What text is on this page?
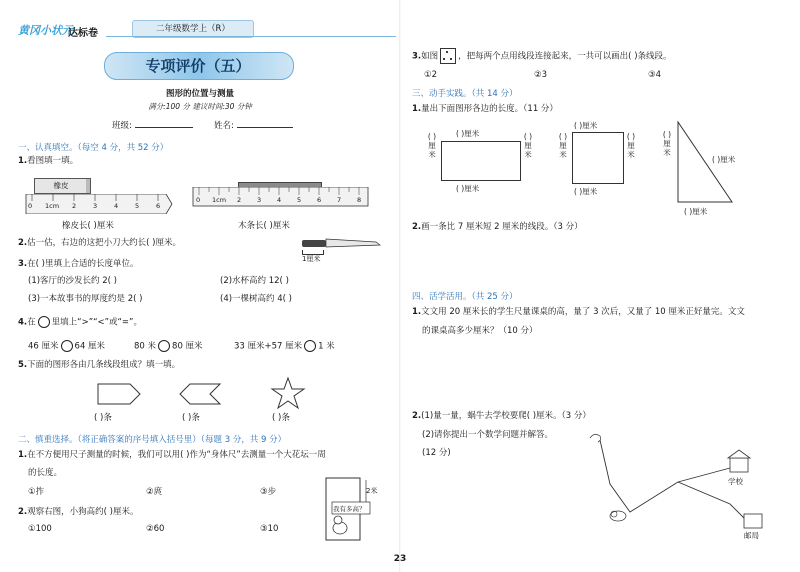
黄冈小状元
达标卷	二年级数学上（R）
专项评价（五）
图形的位置与测量
满分:100 分 建议时间:30 分钟
班级:	姓名:
一、认真填空。（每空 4 分，共 52 分）
1.看图填一填。
橡皮
0 1cm 2	3	4	5	6
0 1cm 2 3 4 5 6 7 8
橡皮长( )厘米	木条长( )厘米
2.估一估，右边的这把小刀大约长( )厘米。
1厘米
3.在( )里填上合适的长度单位。
(1)客厅的沙发长约 2( )	(2)水杯高约 12( )
(3)一本故事书的厚度约是 2( )	(4)一棵树高约 4( )
4.在 里填上“>”“<”或“=”。
46 厘米 64 厘米	80 米 80 厘米	33 厘米+57 厘米 1 米
5.下面的图形各由几条线段组成？填一填。
( )条	( )条	( )条
二、慎重选择。（将正确答案的序号填入括号里）（每题 3 分，共 9 分）
1.在不方便用尺子测量的时候，我们可以用( )作为“身体尺”去测量一个大花坛一周
的长度。
①拃	②庹	③步
2.观察右图，小狗高约( )厘米。
①100	②60	③10
2米
我有多高？
23
3.如图 ，把每两个点用线段连接起来，一共可以画出( )条线段。
①2	②3	③4
三、动手实践。（共 14 分）
1.量出下面图形各边的长度。（11 分）
( )厘米
( )厘米
( )厘米
( )厘米
( )厘米
( )厘米
( )厘米
( )厘米
( )厘米
( )厘米
( )厘米
2.画一条比 7 厘米短 2 厘米的线段。（3 分）
四、活学活用。（共 25 分）
1.文文用 20 厘米长的学生尺量课桌的高，量了 3 次后，又量了 10 厘米正好量完。文文
的课桌高多少厘米？（10 分）
2.(1)量一量，蜗牛去学校要爬( )厘米。（3 分）
(2)请你提出一个数学问题并解答。
(12 分)
学校
邮局
